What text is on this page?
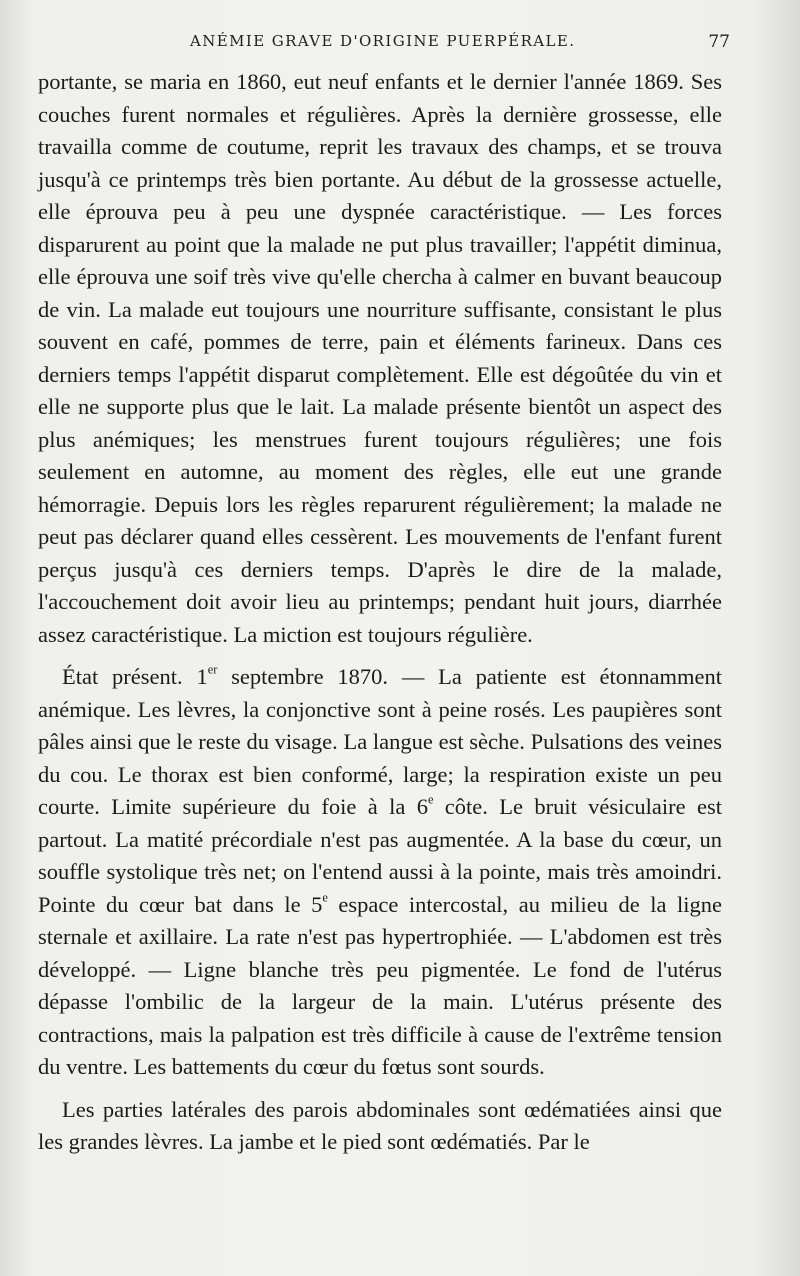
ANÉMIE GRAVE D'ORIGINE PUERPÉRALE.	77

portante, se maria en 1860, eut neuf enfants et le dernier l'année 1869. Ses couches furent normales et régulières. Après la dernière grossesse, elle travailla comme de coutume, reprit les travaux des champs, et se trouva jusqu'à ce printemps très bien portante. Au début de la grossesse actuelle, elle éprouva peu à peu une dyspnée caractéristique. — Les forces disparurent au point que la malade ne put plus travailler; l'appétit diminua, elle éprouva une soif très vive qu'elle chercha à calmer en buvant beaucoup de vin. La malade eut toujours une nourriture suffisante, consistant le plus souvent en café, pommes de terre, pain et éléments farineux. Dans ces derniers temps l'appétit disparut complètement. Elle est dégoûtée du vin et elle ne supporte plus que le lait. La malade présente bientôt un aspect des plus anémiques; les menstrues furent toujours régulières; une fois seulement en automne, au moment des règles, elle eut une grande hémorragie. Depuis lors les règles reparurent régulièrement; la malade ne peut pas déclarer quand elles cessèrent. Les mouvements de l'enfant furent perçus jusqu'à ces derniers temps. D'après le dire de la malade, l'accouchement doit avoir lieu au printemps; pendant huit jours, diarrhée assez caractéristique. La miction est toujours régulière.

État présent. 1er septembre 1870. — La patiente est étonnamment anémique. Les lèvres, la conjonctive sont à peine rosés. Les paupières sont pâles ainsi que le reste du visage. La langue est sèche. Pulsations des veines du cou. Le thorax est bien conformé, large; la respiration existe un peu courte. Limite supérieure du foie à la 6e côte. Le bruit vésiculaire est partout. La matité précordiale n'est pas augmentée. A la base du cœur, un souffle systolique très net; on l'entend aussi à la pointe, mais très amoindri. Pointe du cœur bat dans le 5e espace intercostal, au milieu de la ligne sternale et axillaire. La rate n'est pas hypertrophiée. — L'abdomen est très développé. — Ligne blanche très peu pigmentée. Le fond de l'utérus dépasse l'ombilic de la largeur de la main. L'utérus présente des contractions, mais la palpation est très difficile à cause de l'extrême tension du ventre. Les battements du cœur du fœtus sont sourds.

Les parties latérales des parois abdominales sont œdématiées ainsi que les grandes lèvres. La jambe et le pied sont œdématiés. Par le
